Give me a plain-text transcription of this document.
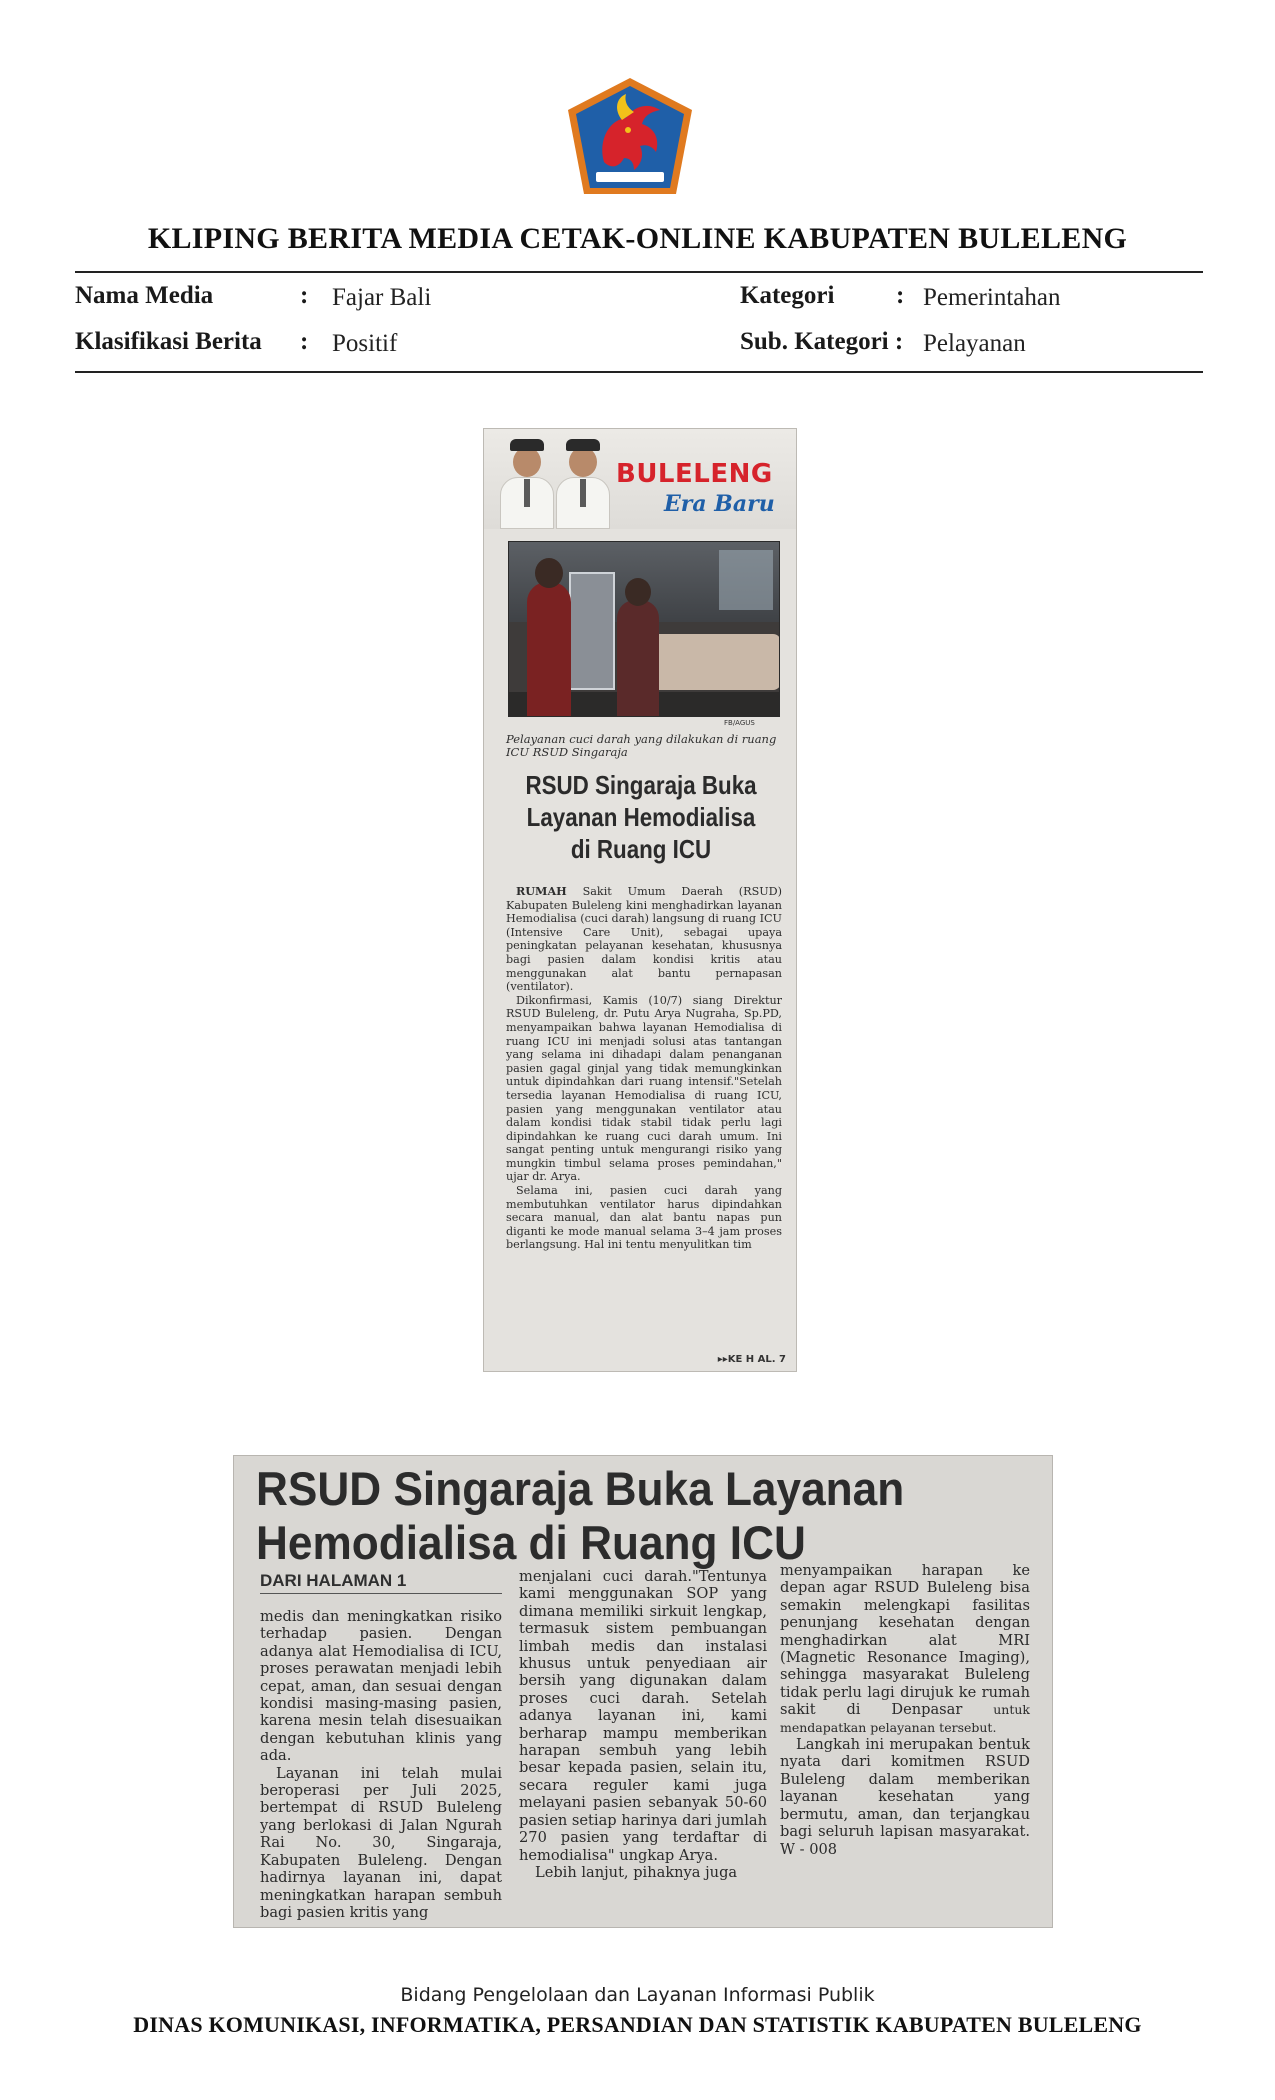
KLIPING BERITA MEDIA CETAK-ONLINE KABUPATEN BULELENG
Nama Media	: Fajar Bali
Klasifikasi Berita : Positif
Kategori : Pemerintahan
Sub. Kategori : Pelayanan
BULELENG
Era Baru
FB/AGUS
Pelayanan cuci darah yang dilakukan di ruang ICU RSUD Singaraja
RSUD Singaraja Buka Layanan Hemodialisa di Ruang ICU

RUMAH Sakit Umum Daerah (RSUD) Kabupaten Buleleng kini menghadirkan layanan Hemodialisa (cuci darah) langsung di ruang ICU (Intensive Care Unit), sebagai upaya peningkatan pelayanan kesehatan, khususnya bagi pasien dalam kondisi kritis atau menggunakan alat bantu pernapasan (ventilator).

Dikonfirmasi, Kamis (10/7) siang Direktur RSUD Buleleng, dr. Putu Arya Nugraha, Sp.PD, menyampaikan bahwa layanan Hemodialisa di ruang ICU ini menjadi solusi atas tantangan yang selama ini dihadapi dalam penanganan pasien gagal ginjal yang tidak memungkinkan untuk dipindahkan dari ruang intensif."Setelah tersedia layanan Hemodialisa di ruang ICU, pasien yang menggunakan ventilator atau dalam kondisi tidak stabil tidak perlu lagi dipindahkan ke ruang cuci darah umum. Ini sangat penting untuk mengurangi risiko yang mungkin timbul selama proses pemindahan," ujar dr. Arya.

Selama ini, pasien cuci darah yang membutuhkan ventilator harus dipindahkan secara manual, dan alat bantu napas pun diganti ke mode manual selama 3–4 jam proses berlangsung. Hal ini tentu menyulitkan tim

▸▸KE H AL. 7
RSUD Singaraja Buka Layanan
Hemodialisa di Ruang ICU
DARI HALAMAN 1

medis dan meningkatkan risiko terhadap pasien. Dengan adanya alat Hemodialisa di ICU, proses perawatan menjadi lebih cepat, aman, dan sesuai dengan kondisi masing-masing pasien, karena mesin telah disesuaikan dengan kebutuhan klinis yang ada.

Layanan ini telah mulai beroperasi per Juli 2025, bertempat di RSUD Buleleng yang berlokasi di Jalan Ngurah Rai No. 30, Singaraja, Kabupaten Buleleng. Dengan hadirnya layanan ini, dapat meningkatkan harapan sembuh bagi pasien kritis yang

menjalani cuci darah."Tentunya kami menggunakan SOP yang dimana memiliki sirkuit lengkap, termasuk sistem pembuangan limbah medis dan instalasi khusus untuk penyediaan air bersih yang digunakan dalam proses cuci darah. Setelah adanya layanan ini, kami berharap mampu memberikan harapan sembuh yang lebih besar kepada pasien, selain itu, secara reguler kami juga melayani pasien sebanyak 50-60 pasien setiap harinya dari jumlah 270 pasien yang terdaftar di hemodialisa" ungkap Arya.

Lebih lanjut, pihaknya juga

menyampaikan harapan ke depan agar RSUD Buleleng bisa semakin melengkapi fasilitas penunjang kesehatan dengan menghadirkan alat MRI (Magnetic Resonance Imaging), sehingga masyarakat Buleleng tidak perlu lagi dirujuk ke rumah sakit di Denpasar untuk mendapatkan pelayanan tersebut.

Langkah ini merupakan bentuk nyata dari komitmen RSUD Buleleng dalam memberikan layanan kesehatan yang bermutu, aman, dan terjangkau bagi seluruh lapisan masyarakat. W - 008

Bidang Pengelolaan dan Layanan Informasi Publik
DINAS KOMUNIKASI, INFORMATIKA, PERSANDIAN DAN STATISTIK KABUPATEN BULELENG
